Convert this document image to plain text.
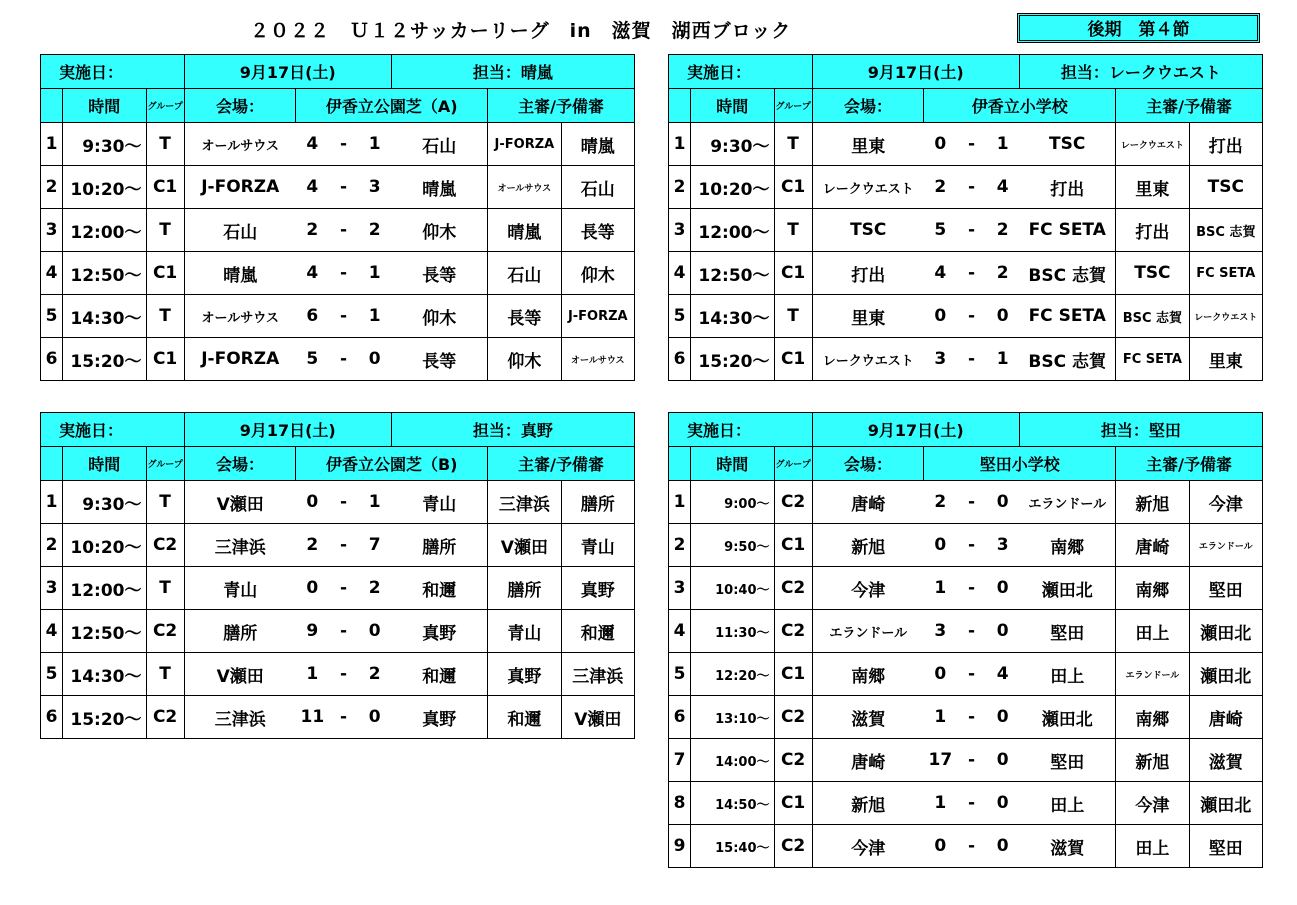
２０２２　Ｕ１２サッカーリーグ　in　滋賀　湖西ブロック	後期　第４節
実施日：			9月17日(土)				担当：晴嵐		
	時間	グループ	会場：	伊香立公園芝（A)				主審/予備審	
1	9:30～	T	オールサウス	4	-	1	石山	J-FORZA	晴嵐
2	10:20～	C1	J-FORZA	4	-	3	晴嵐	オールサウス	石山
3	12:00～	T	石山	2	-	2	仰木	晴嵐	長等
4	12:50～	C1	晴嵐	4	-	1	長等	石山	仰木
5	14:30～	T	オールサウス	6	-	1	仰木	長等	J-FORZA
6	15:20～	C1	J-FORZA	5	-	0	長等	仰木	オールサウス
実施日：			9月17日(土)				担当：レークウエスト		
	時間	グループ	会場：	伊香立小学校				主審/予備審	
1	9:30～	T	里東	0	-	1	TSC	レークウエスト	打出
2	10:20～	C1	レークウエスト	2	-	4	打出	里東	TSC
3	12:00～	T	TSC	5	-	2	FC SETA	打出	BSC 志賀
4	12:50～	C1	打出	4	-	2	BSC 志賀	TSC	FC SETA
5	14:30～	T	里東	0	-	0	FC SETA	BSC 志賀	レークウエスト
6	15:20～	C1	レークウエスト	3	-	1	BSC 志賀	FC SETA	里東
実施日：			9月17日(土)				担当：真野		
	時間	グループ	会場：	伊香立公園芝（B)				主審/予備審	
1	9:30～	T	V瀬田	0	-	1	青山	三津浜	膳所
2	10:20～	C2	三津浜	2	-	7	膳所	V瀬田	青山
3	12:00～	T	青山	0	-	2	和邇	膳所	真野
4	12:50～	C2	膳所	9	-	0	真野	青山	和邇
5	14:30～	T	V瀬田	1	-	2	和邇	真野	三津浜
6	15:20～	C2	三津浜	11	-	0	真野	和邇	V瀬田
実施日：			9月17日(土)				担当：堅田		
	時間	グループ	会場：	堅田小学校				主審/予備審	
1	9:00～	C2	唐崎	2	-	0	エランドール	新旭	今津
2	9:50～	C1	新旭	0	-	3	南郷	唐崎	エランドール
3	10:40～	C2	今津	1	-	0	瀬田北	南郷	堅田
4	11:30～	C2	エランドール	3	-	0	堅田	田上	瀬田北
5	12:20～	C1	南郷	0	-	4	田上	エランドール	瀬田北
6	13:10～	C2	滋賀	1	-	0	瀬田北	南郷	唐崎
7	14:00～	C2	唐崎	17	-	0	堅田	新旭	滋賀
8	14:50～	C1	新旭	1	-	0	田上	今津	瀬田北
9	15:40～	C2	今津	0	-	0	滋賀	田上	堅田
